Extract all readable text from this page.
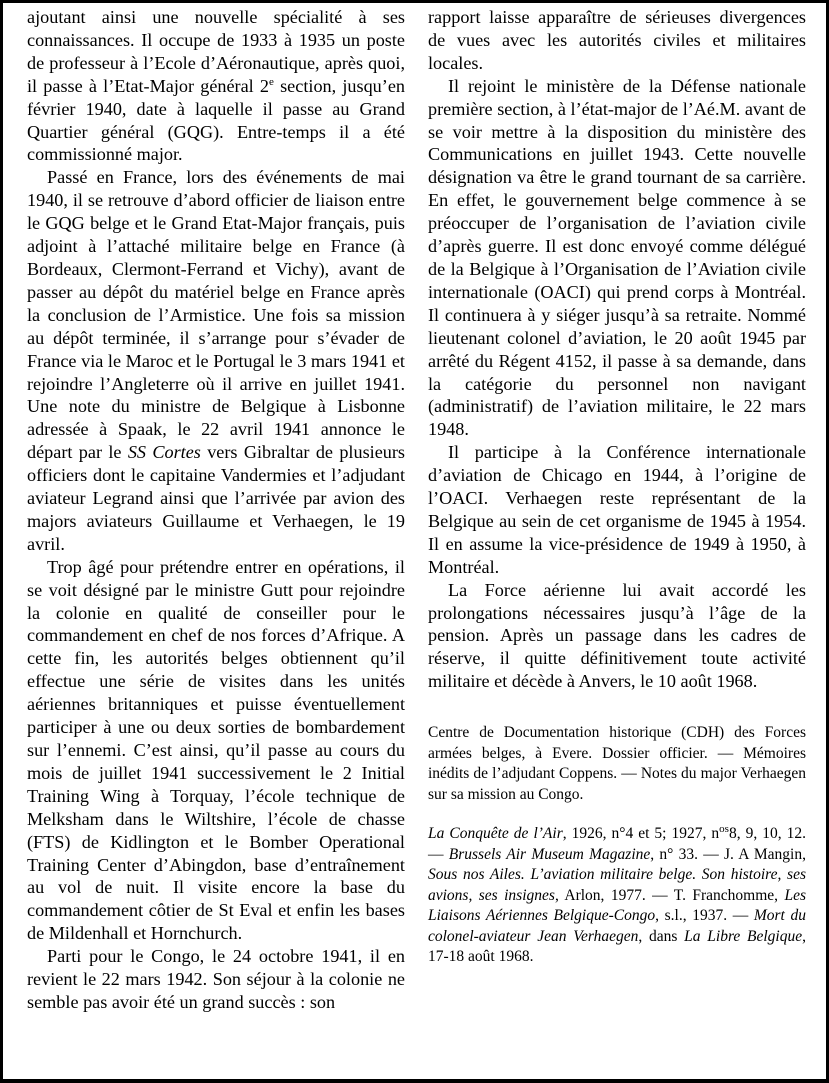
ajoutant ainsi une nouvelle spécialité à ses connaissances. Il occupe de 1933 à 1935 un poste de professeur à l’Ecole d’Aéronautique, après quoi, il passe à l’Etat-Major général 2e section, jusqu’en février 1940, date à laquelle il passe au Grand Quartier général (GQG). Entre-temps il a été commissionné major.

Passé en France, lors des événements de mai 1940, il se retrouve d’abord officier de liaison entre le GQG belge et le Grand Etat-Major français, puis adjoint à l’attaché militaire belge en France (à Bordeaux, Clermont-Ferrand et Vichy), avant de passer au dépôt du matériel belge en France après la conclusion de l’Armistice. Une fois sa mission au dépôt terminée, il s’arrange pour s’évader de France via le Maroc et le Portugal le 3 mars 1941 et rejoindre l’Angleterre où il arrive en juillet 1941. Une note du ministre de Belgique à Lisbonne adressée à Spaak, le 22 avril 1941 annonce le départ par le SS Cortes vers Gibraltar de plusieurs officiers dont le capitaine Vandermies et l’adjudant aviateur Legrand ainsi que l’arrivée par avion des majors aviateurs Guillaume et Verhaegen, le 19 avril.

Trop âgé pour prétendre entrer en opérations, il se voit désigné par le ministre Gutt pour rejoindre la colonie en qualité de conseiller pour le commandement en chef de nos forces d’Afrique. A cette fin, les autorités belges obtiennent qu’il effectue une série de visites dans les unités aériennes britanniques et puisse éventuellement participer à une ou deux sorties de bombardement sur l’ennemi. C’est ainsi, qu’il passe au cours du mois de juillet 1941 successivement le 2 Initial Training Wing à Torquay, l’école technique de Melksham dans le Wiltshire, l’école de chasse (FTS) de Kidlington et le Bomber Operational Training Center d’Abingdon, base d’entraînement au vol de nuit. Il visite encore la base du commandement côtier de St Eval et enfin les bases de Mildenhall et Hornchurch.

Parti pour le Congo, le 24 octobre 1941, il en revient le 22 mars 1942. Son séjour à la colonie ne semble pas avoir été un grand succès : son

rapport laisse apparaître de sérieuses divergences de vues avec les autorités civiles et militaires locales.

Il rejoint le ministère de la Défense nationale première section, à l’état-major de l’Aé.M. avant de se voir mettre à la disposition du ministère des Communications en juillet 1943. Cette nouvelle désignation va être le grand tournant de sa carrière. En effet, le gouvernement belge commence à se préoccuper de l’organisation de l’aviation civile d’après guerre. Il est donc envoyé comme délégué de la Belgique à l’Organisation de l’Aviation civile internationale (OACI) qui prend corps à Montréal. Il continuera à y siéger jusqu’à sa retraite. Nommé lieutenant colonel d’aviation, le 20 août 1945 par arrêté du Régent 4152, il passe à sa demande, dans la catégorie du personnel non navigant (administratif) de l’aviation militaire, le 22 mars 1948.

Il participe à la Conférence internationale d’aviation de Chicago en 1944, à l’origine de l’OACI. Verhaegen reste représentant de la Belgique au sein de cet organisme de 1945 à 1954. Il en assume la vice-présidence de 1949 à 1950, à Montréal.

La Force aérienne lui avait accordé les prolongations nécessaires jusqu’à l’âge de la pension. Après un passage dans les cadres de réserve, il quitte définitivement toute activité militaire et décède à Anvers, le 10 août 1968.

Centre de Documentation historique (CDH) des Forces armées belges, à Evere. Dossier officier. — Mémoires inédits de l’adjudant Coppens. — Notes du major Verhaegen sur sa mission au Congo.
La Conquête de l’Air, 1926, n°4 et 5; 1927, $n^{os}8$, 9, 10, 12. — Brussels Air Museum Magazine, n° 33. — J. A Mangin, Sous nos Ailes. L’aviation militaire belge. Son histoire, ses avions, ses insignes, Arlon, 1977. — T. Franchomme, Les Liaisons Aériennes Belgique-Congo, s.l., 1937. — Mort du colonel-aviateur Jean Verhaegen, dans La Libre Belgique, 17-18 août 1968.
